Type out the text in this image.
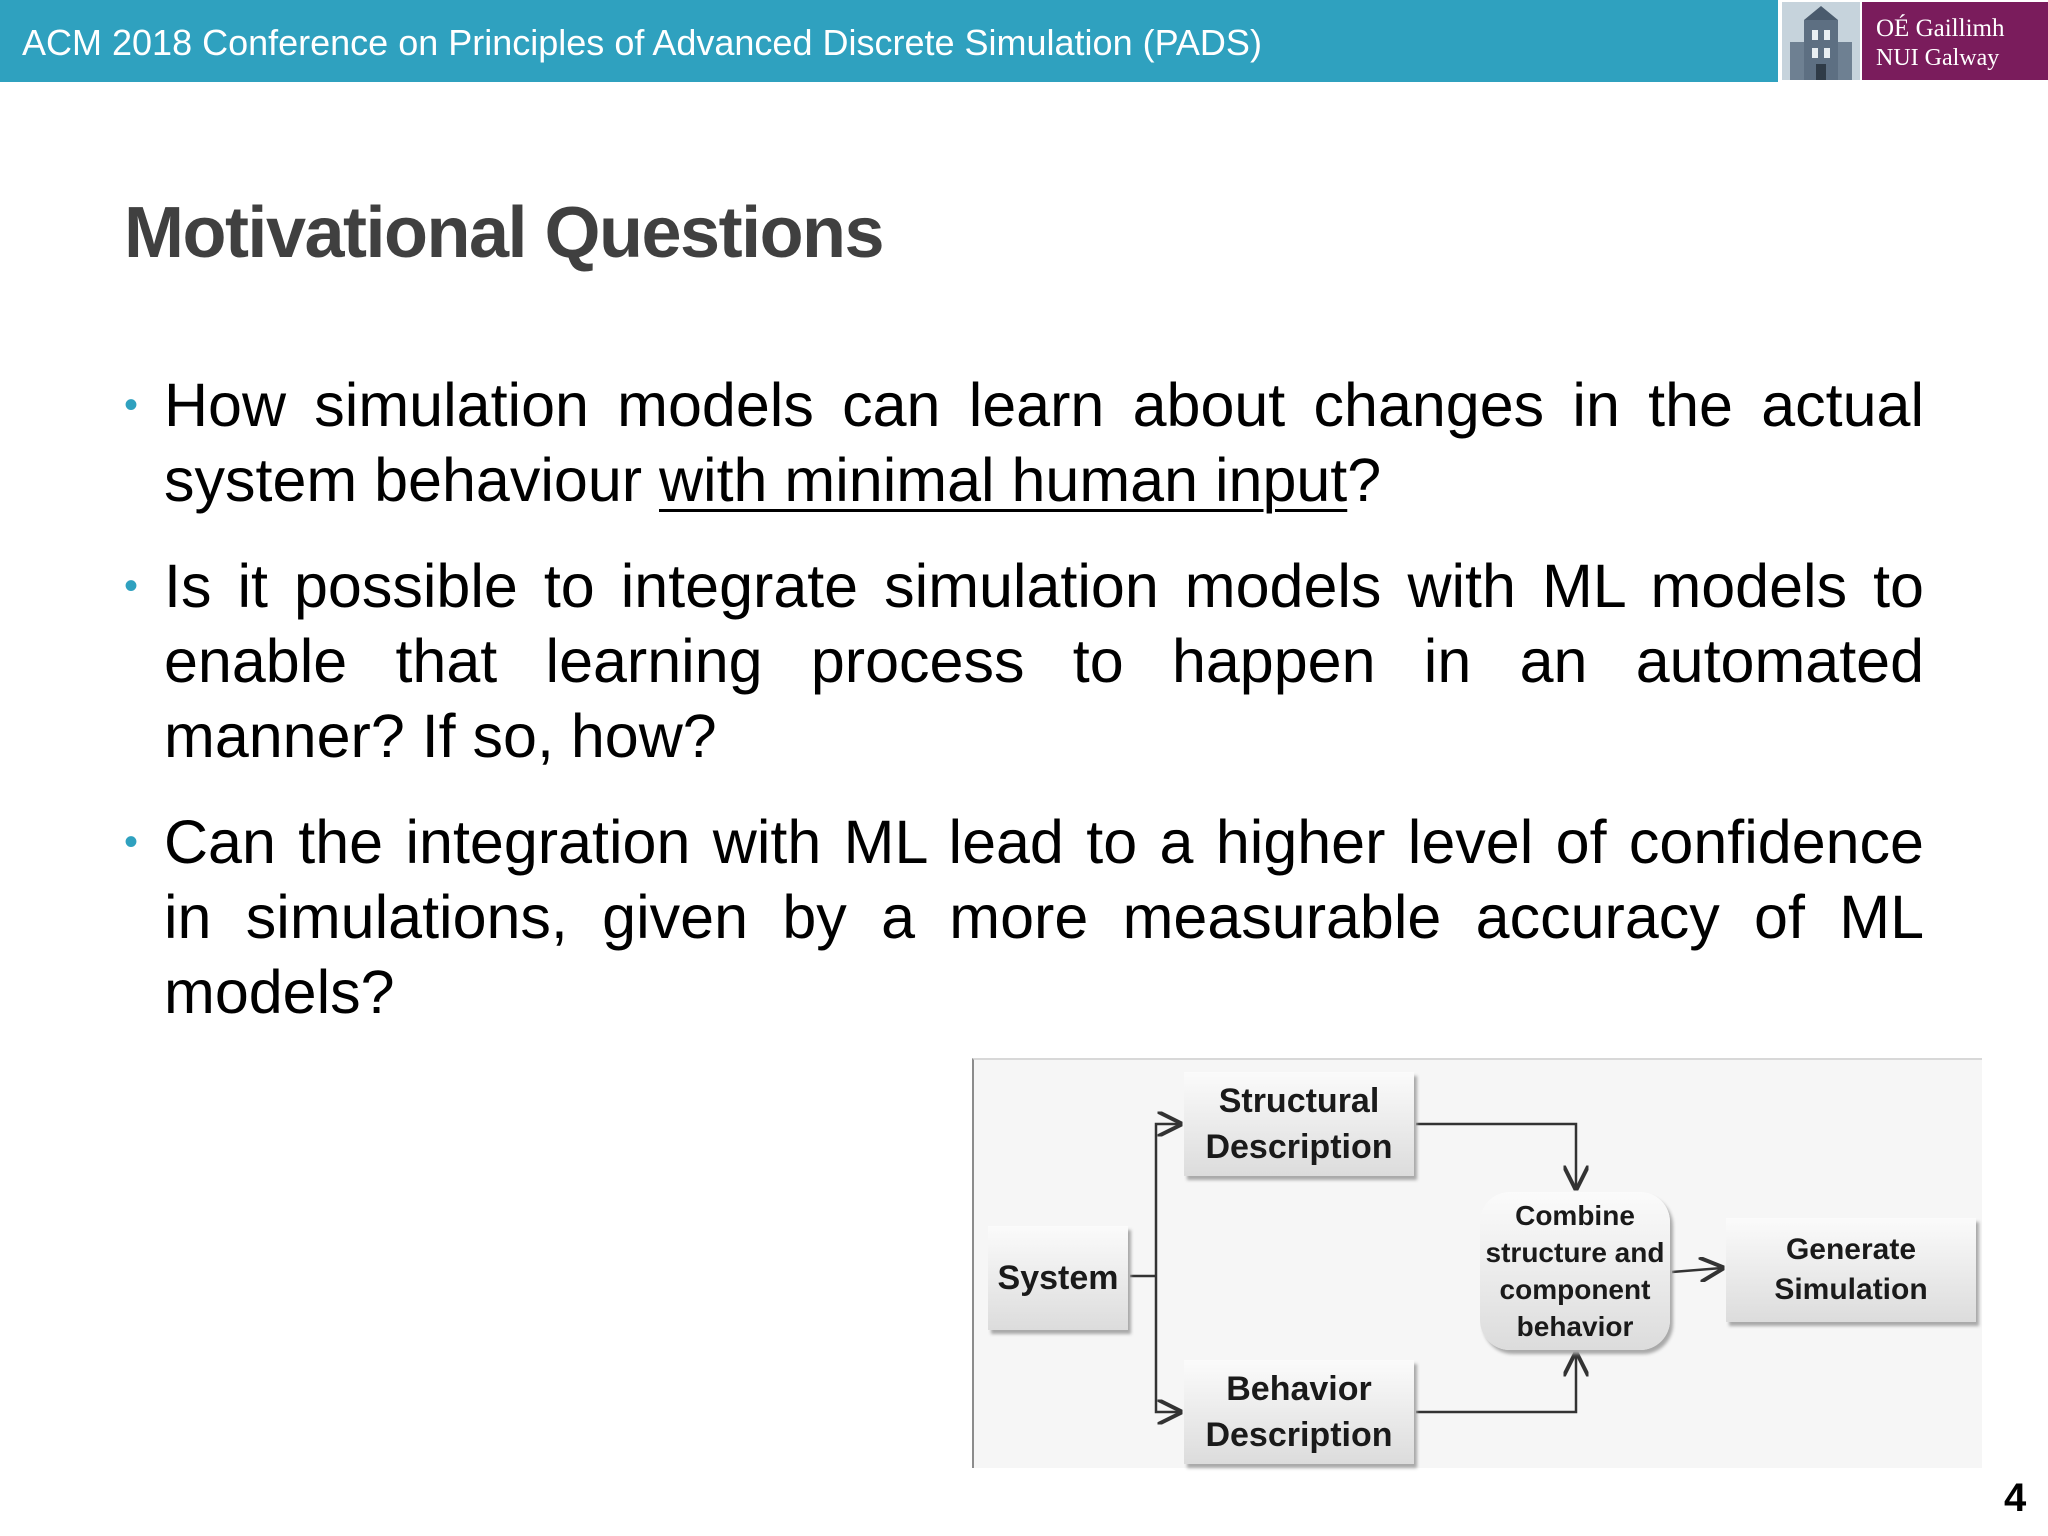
ACM 2018 Conference on Principles of Advanced Discrete Simulation (PADS)	OÉ Gaillimh
NUI Galway
Motivational Questions
• How simulation models can learn about changes in the actual system behaviour with minimal human input?
• Is it possible to integrate simulation models with ML models to enable that learning process to happen in an automated manner? If so, how?
• Can the integration with ML lead to a higher level of confidence in simulations, given by a more measurable accuracy of ML models?
Structural Description
Behavior Description
System
Combine structure and component behavior
Generate Simulation
4
